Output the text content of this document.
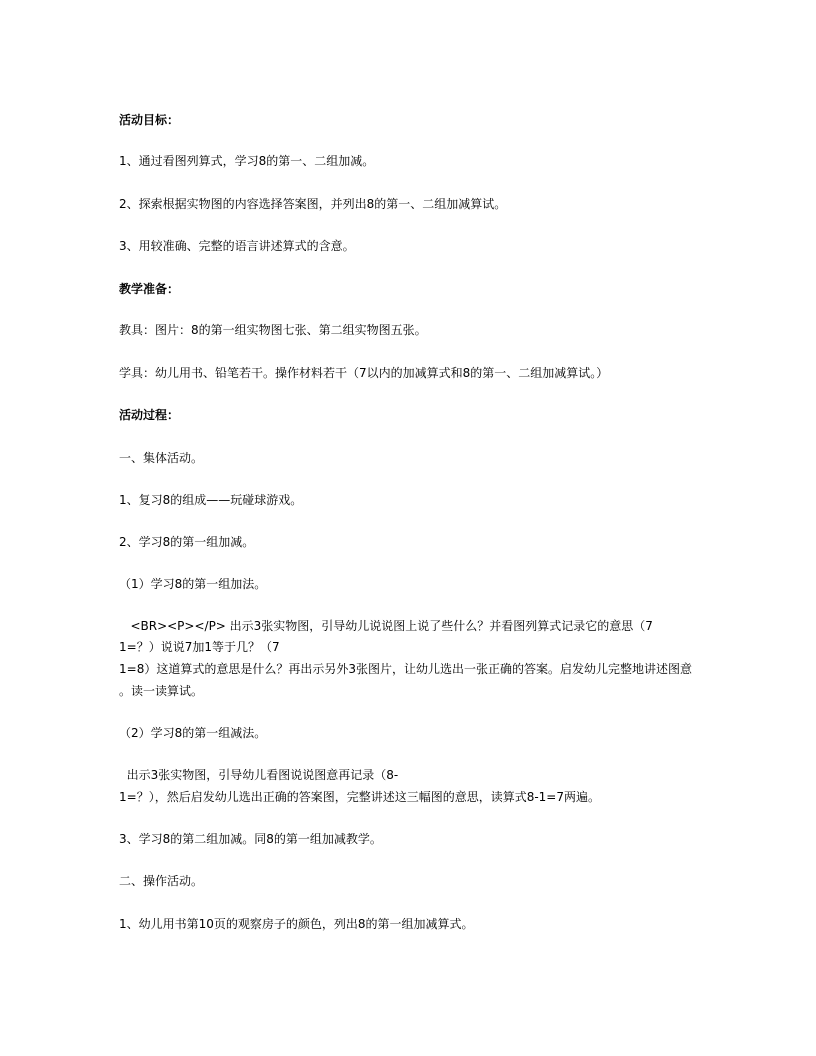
活动目标：

1、通过看图列算式，学习8的第一、二组加减。

2、探索根据实物图的内容选择答案图，并列出8的第一、二组加减算试。

3、用较准确、完整的语言讲述算式的含意。

教学准备：

教具：图片：8的第一组实物图七张、第二组实物图五张。

学具：幼儿用书、铅笔若干。操作材料若干（7以内的加减算式和8的第一、二组加减算试。）

活动过程：

一、集体活动。

1、复习8的组成——玩碰球游戏。

2、学习8的第一组加减。

（1）学习8的第一组加法。

<BR><P></P> 出示3张实物图，引导幼儿说说图上说了些什么？并看图列算式记录它的意思（7

1=？）说说7加1等于几？（7

1=8）这道算式的意思是什么？再出示另外3张图片，让幼儿选出一张正确的答案。启发幼儿完整地讲述图意

。读一读算试。

（2）学习8的第一组减法。

出示3张实物图，引导幼儿看图说说图意再记录（8-

1=？），然后启发幼儿选出正确的答案图，完整讲述这三幅图的意思，读算式8-1=7两遍。

3、学习8的第二组加减。同8的第一组加减教学。

二、操作活动。

1、幼儿用书第10页的观察房子的颜色，列出8的第一组加减算式。
